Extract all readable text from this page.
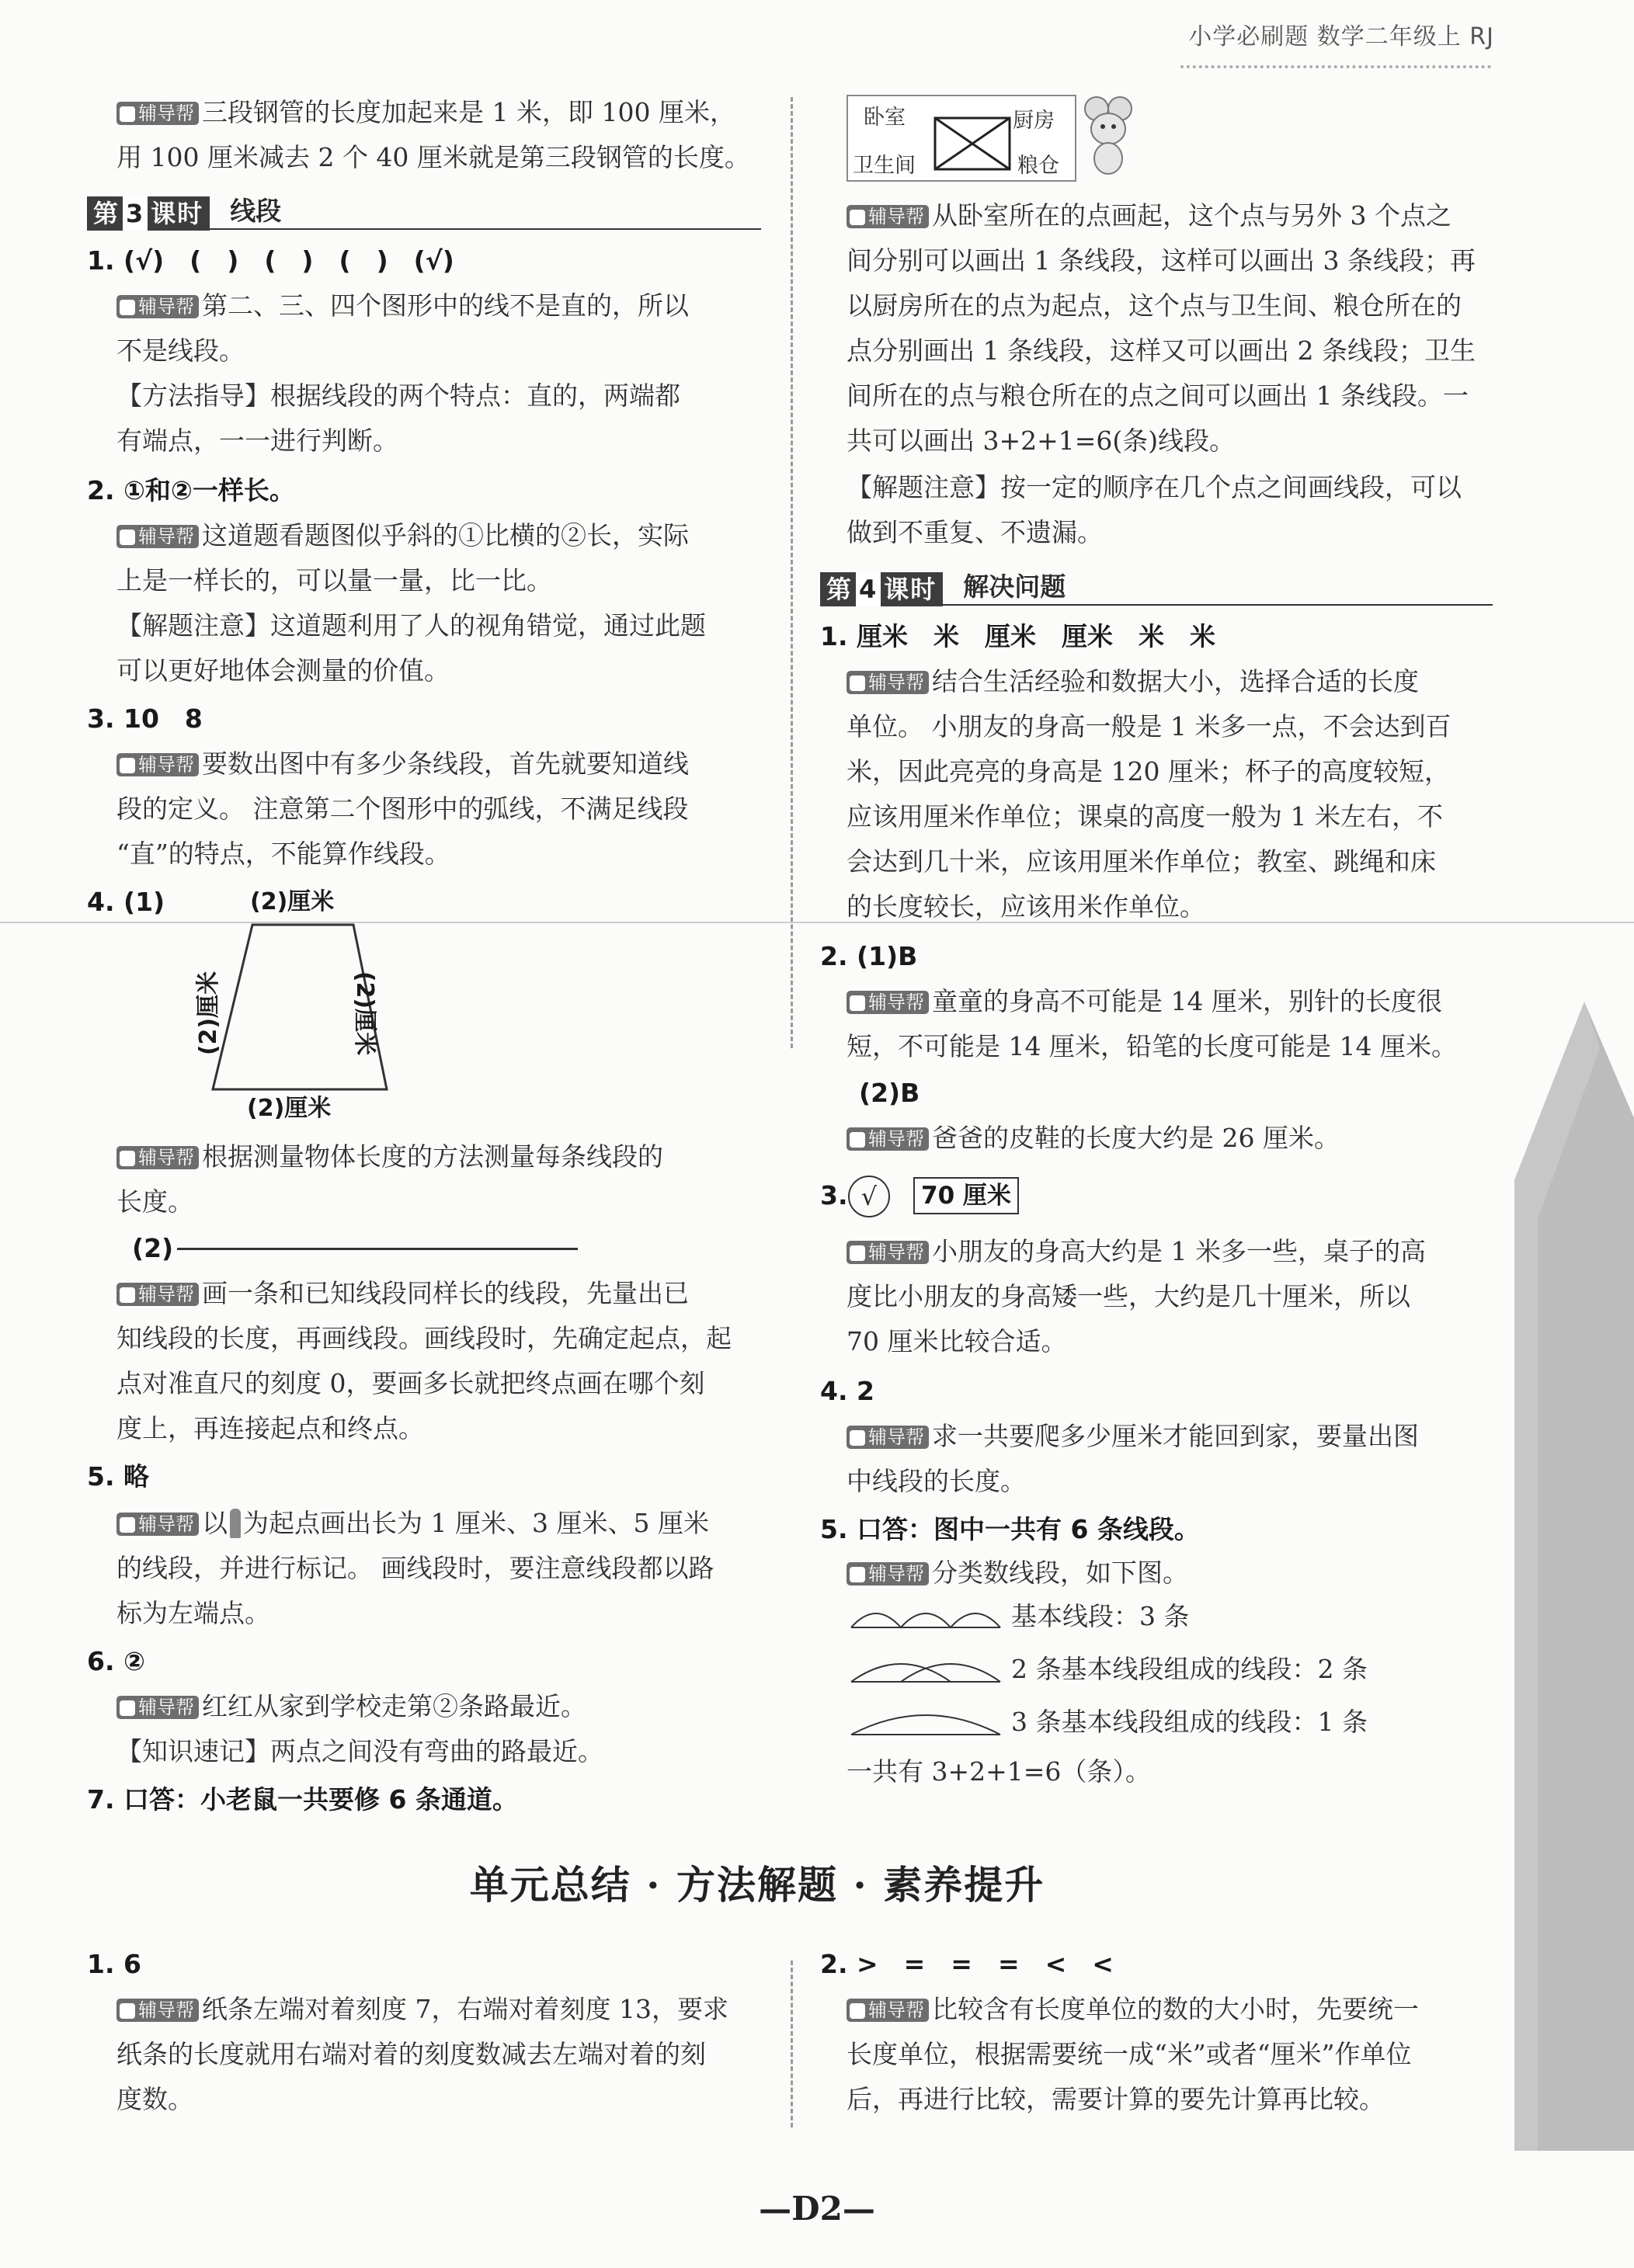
小学必刷题 数学二年级上 RJ
辅导帮 三段钢管的长度加起来是 1 米，即 100 厘米，
用 100 厘米减去 2 个 40 厘米就是第三段钢管的长度。
第 3 课时 线段
1. (√)　(　)　(　)　(　)　(√)
辅导帮 第二、三、四个图形中的线不是直的，所以
不是线段。
【方法指导】根据线段的两个特点：直的，两端都
有端点，一一进行判断。
2. ①和②一样长。
辅导帮 这道题看题图似乎斜的①比横的②长，实际
上是一样长的，可以量一量，比一比。
【解题注意】这道题利用了人的视角错觉，通过此题
可以更好地体会测量的价值。
3. 10　8
辅导帮 要数出图中有多少条线段，首先就要知道线
段的定义。 注意第二个图形中的弧线，不满足线段
“直”的特点，不能算作线段。
4. (1)	(2)厘米
(2)厘米	(2)厘米
(2)厘米
辅导帮 根据测量物体长度的方法测量每条线段的
长度。
(2)
辅导帮 画一条和已知线段同样长的线段，先量出已
知线段的长度，再画线段。画线段时，先确定起点，起
点对准直尺的刻度 0，要画多长就把终点画在哪个刻
度上，再连接起点和终点。
5. 略
辅导帮 以 为起点画出长为 1 厘米、3 厘米、5 厘米
的线段，并进行标记。 画线段时，要注意线段都以路
标为左端点。
6. ②
辅导帮 红红从家到学校走第②条路最近。
【知识速记】两点之间没有弯曲的路最近。
7. 口答：小老鼠一共要修 6 条通道。
卧室	厨房
卫生间	粮仓
辅导帮 从卧室所在的点画起，这个点与另外 3 个点之
间分别可以画出 1 条线段，这样可以画出 3 条线段；再
以厨房所在的点为起点，这个点与卫生间、粮仓所在的
点分别画出 1 条线段，这样又可以画出 2 条线段；卫生
间所在的点与粮仓所在的点之间可以画出 1 条线段。一
共可以画出 3+2+1=6(条)线段。
【解题注意】按一定的顺序在几个点之间画线段，可以
做到不重复、不遗漏。
第 4 课时 解决问题
1. 厘米　米　厘米　厘米　米　米
辅导帮 结合生活经验和数据大小，选择合适的长度
单位。 小朋友的身高一般是 1 米多一点，不会达到百
米，因此亮亮的身高是 120 厘米；杯子的高度较短，
应该用厘米作单位；课桌的高度一般为 1 米左右，不
会达到几十米，应该用厘米作单位；教室、跳绳和床
的长度较长，应该用米作单位。
2. (1)B
辅导帮 童童的身高不可能是 14 厘米，别针的长度很
短，不可能是 14 厘米，铅笔的长度可能是 14 厘米。
(2)B
辅导帮 爸爸的皮鞋的长度大约是 26 厘米。
3. √	70 厘米
辅导帮 小朋友的身高大约是 1 米多一些，桌子的高
度比小朋友的身高矮一些，大约是几十厘米，所以
70 厘米比较合适。
4. 2
辅导帮 求一共要爬多少厘米才能回到家，要量出图
中线段的长度。
5. 口答：图中一共有 6 条线段。
辅导帮 分类数线段，如下图。
基本线段：3 条
2 条基本线段组成的线段：2 条
3 条基本线段组成的线段：1 条
一共有 3+2+1=6（条）。
单元总结 · 方法解题 · 素养提升
1. 6
辅导帮 纸条左端对着刻度 7，右端对着刻度 13，要求
纸条的长度就用右端对着的刻度数减去左端对着的刻
度数。
2. >　=　=　=　<　<
辅导帮 比较含有长度单位的数的大小时，先要统一
长度单位，根据需要统一成“米”或者“厘米”作单位
后，再进行比较，需要计算的要先计算再比较。
—D2—
